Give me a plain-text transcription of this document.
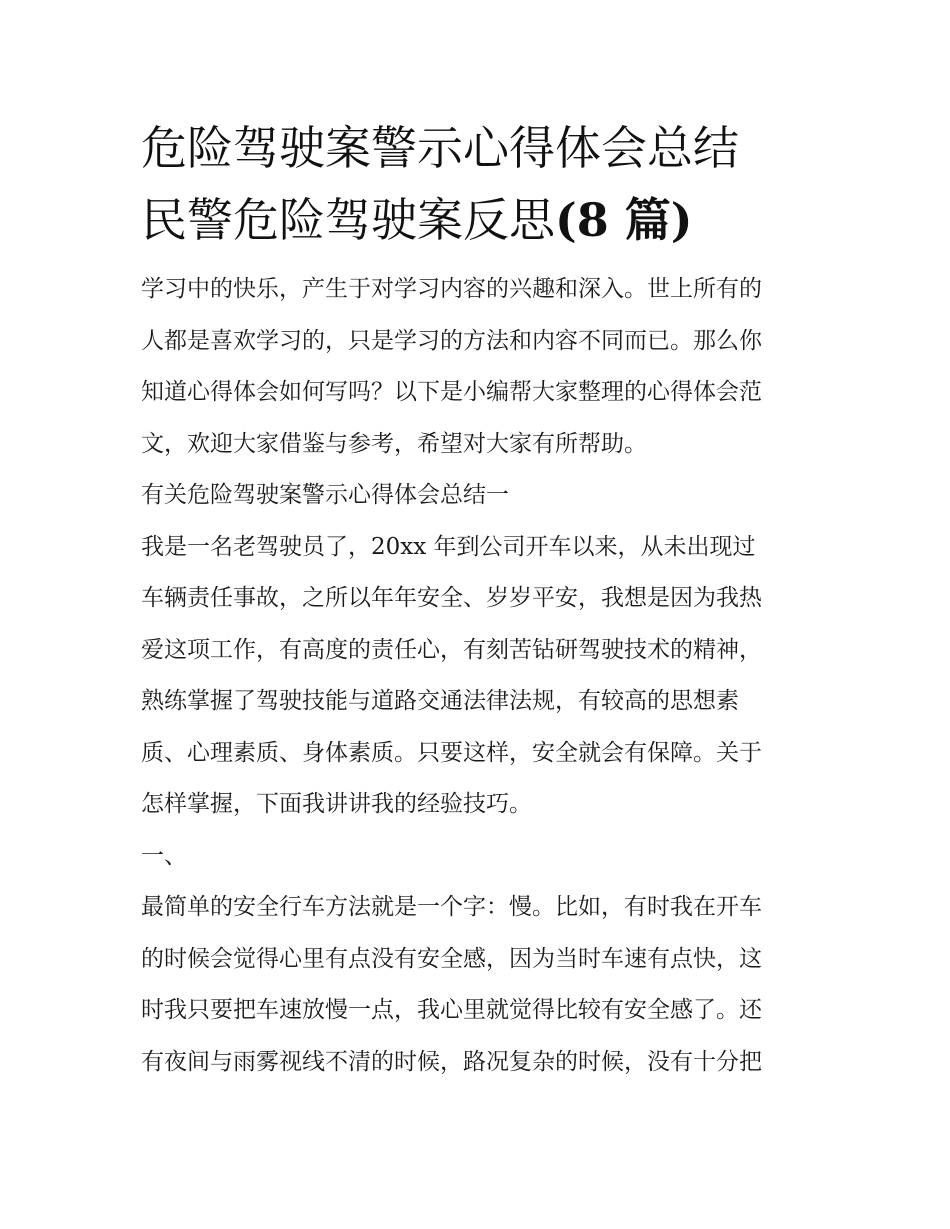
危险驾驶案警示心得体会总结
民警危险驾驶案反思(8 篇)

学习中的快乐，产生于对学习内容的兴趣和深入。世上所有的
人都是喜欢学习的，只是学习的方法和内容不同而已。那么你
知道心得体会如何写吗？以下是小编帮大家整理的心得体会范
文，欢迎大家借鉴与参考，希望对大家有所帮助。

有关危险驾驶案警示心得体会总结一

我是一名老驾驶员了，20xx 年到公司开车以来，从未出现过
车辆责任事故，之所以年年安全、岁岁平安，我想是因为我热
爱这项工作，有高度的责任心，有刻苦钻研驾驶技术的精神，
熟练掌握了驾驶技能与道路交通法律法规，有较高的思想素
质、心理素质、身体素质。只要这样，安全就会有保障。关于
怎样掌握，下面我讲讲我的经验技巧。

一、

最简单的安全行车方法就是一个字：慢。比如，有时我在开车
的时候会觉得心里有点没有安全感，因为当时车速有点快，这
时我只要把车速放慢一点，我心里就觉得比较有安全感了。还
有夜间与雨雾视线不清的时候，路况复杂的时候，没有十分把
